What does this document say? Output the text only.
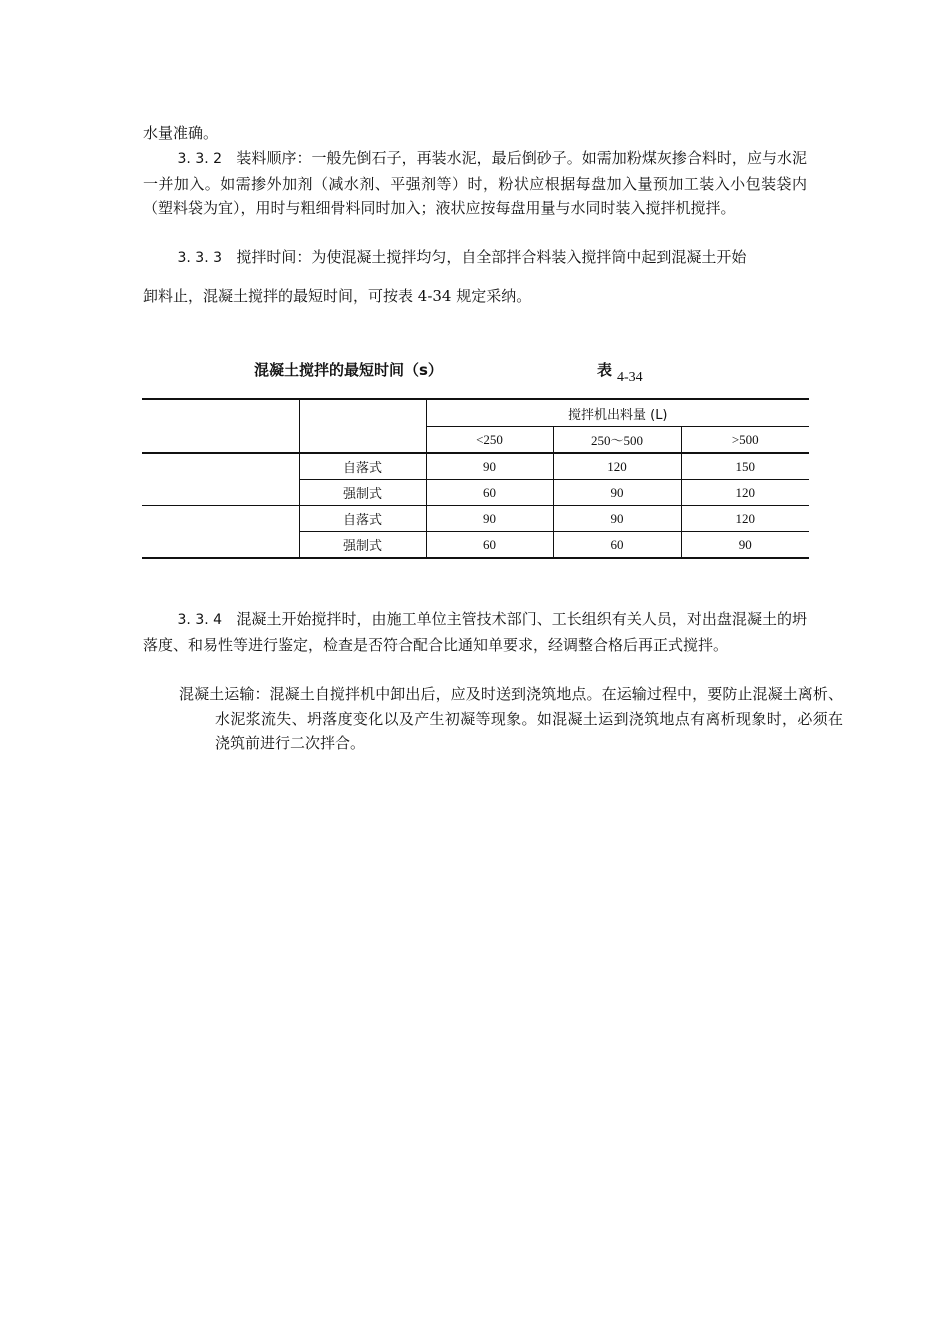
水量准确。

3. 3. 2 装料顺序：一般先倒石子，再装水泥，最后倒砂子。如需加粉煤灰掺合料时，应与水泥一并加入。如需掺外加剂（减水剂、平强剂等）时，粉状应根据每盘加入量预加工装入小包装袋内（塑料袋为宜），用时与粗细骨料同时加入；液状应按每盘用量与水同时装入搅拌机搅拌。

3. 3. 3 搅拌时间：为使混凝土搅拌均匀，自全部拌合料装入搅拌筒中起到混凝土开始

卸料止，混凝土搅拌的最短时间，可按表 4-34 规定采纳。

混凝土搅拌的最短时间（s）	表 4-34
		搅拌机出料量 (L)		
		<250	250～500	>500
	自落式	90	120	150
	强制式	60	90	120
	自落式	90	90	120
	强制式	60	60	90

3. 3. 4 混凝土开始搅拌时，由施工单位主管技术部门、工长组织有关人员，对出盘混凝土的坍落度、和易性等进行鉴定，检查是否符合配合比通知单要求，经调整合格后再正式搅拌。

混凝土运输：混凝土自搅拌机中卸出后，应及时送到浇筑地点。在运输过程中，要防止混凝土离析、水泥浆流失、坍落度变化以及产生初凝等现象。如混凝土运到浇筑地点有离析现象时，必须在浇筑前进行二次拌合。
